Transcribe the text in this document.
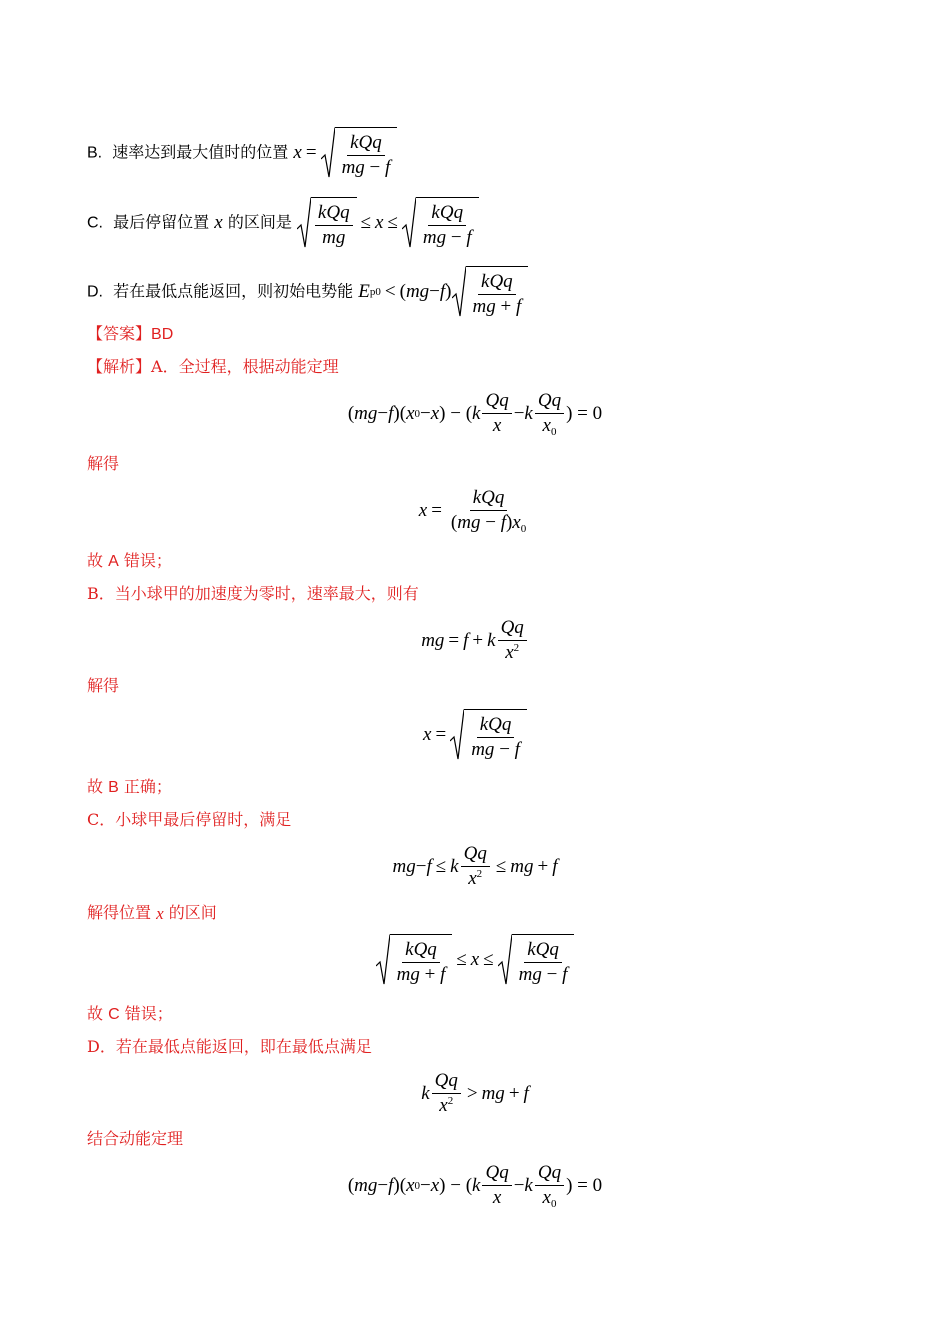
B. 速率达到最大值时的位置 $x = \frac{\text{kQq}}{mg - f}$
C. 最后停留位置 x 的区间是 $\frac{\text{kQq}}{mg} \le x \le \frac{\text{kQq}}{mg - f}$
D. 若在最低点能返回，则初始电势能 E p0 < ( mg − f ) $\frac{\text{kQq}}{mg + f}$
【答案】BD
【解析】A．全过程，根据动能定理
( mg − f )( x 0 − x ) − ( k $\frac{Qq}{x} - k \frac{Qq}{x_0}$ ) = 0
解得
$x = \frac{\text{kQq}}{(mg - f)x_0}$
故 A 错误；
B．当小球甲的加速度为零时，速率最大，则有
mg = f + k $\frac{Qq}{x^2}$
解得
$x = \frac{\text{kQq}}{mg - f}$
故 B 正确；
C．小球甲最后停留时，满足
mg − f ≤ k $\frac{Qq}{x^2}$ ≤ mg + f
解得位置 x 的区间
$\frac{\text{kQq}}{mg + f} \le x \le \frac{\text{kQq}}{mg - f}$
故 C 错误；
D．若在最低点能返回，即在最低点满足
k $\frac{Qq}{x^2}$ > mg + f
结合动能定理
( mg − f )( x 0 − x ) − ( k $\frac{Qq}{x} - k \frac{Qq}{x_0}$ ) = 0
